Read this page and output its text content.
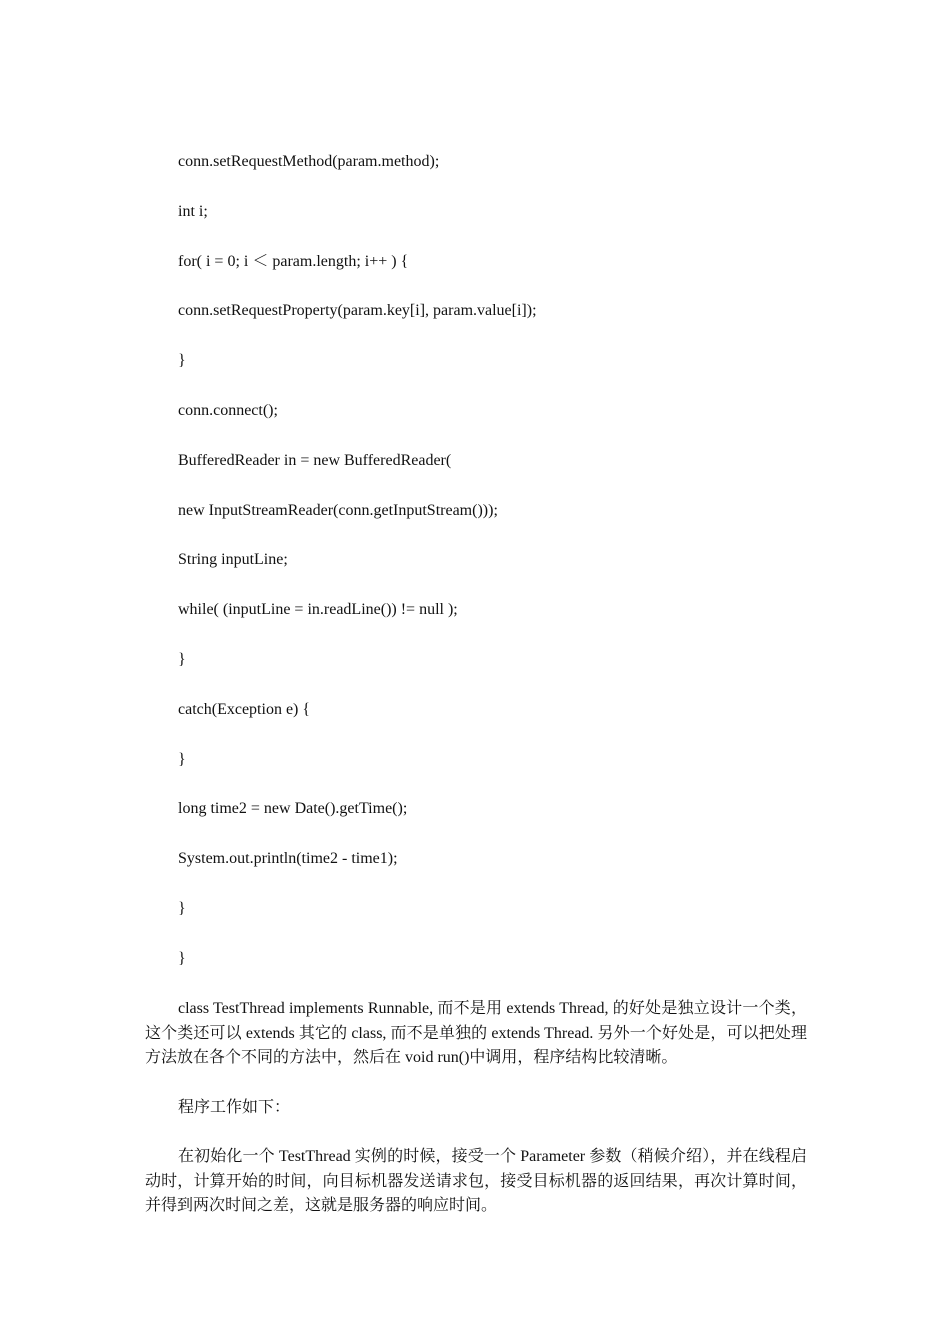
conn.setRequestMethod(param.method);
int i;
for( i = 0; i ＜ param.length; i++ ) {
conn.setRequestProperty(param.key[i], param.value[i]);
}
conn.connect();
BufferedReader in = new BufferedReader(
new InputStreamReader(conn.getInputStream()));
String inputLine;
while( (inputLine = in.readLine()) != null );
}
catch(Exception e) {
}
long time2 = new Date().getTime();
System.out.println(time2 - time1);
}
}

class TestThread implements Runnable, 而不是用 extends Thread, 的好处是独立设计一个类，这个类还可以 extends 其它的 class, 而不是单独的 extends Thread. 另外一个好处是，可以把处理方法放在各个不同的方法中，然后在 void run()中调用，程序结构比较清晰。

程序工作如下：

在初始化一个 TestThread 实例的时候，接受一个 Parameter 参数（稍候介绍），并在线程启动时，计算开始的时间，向目标机器发送请求包，接受目标机器的返回结果，再次计算时间，并得到两次时间之差，这就是服务器的响应时间。
